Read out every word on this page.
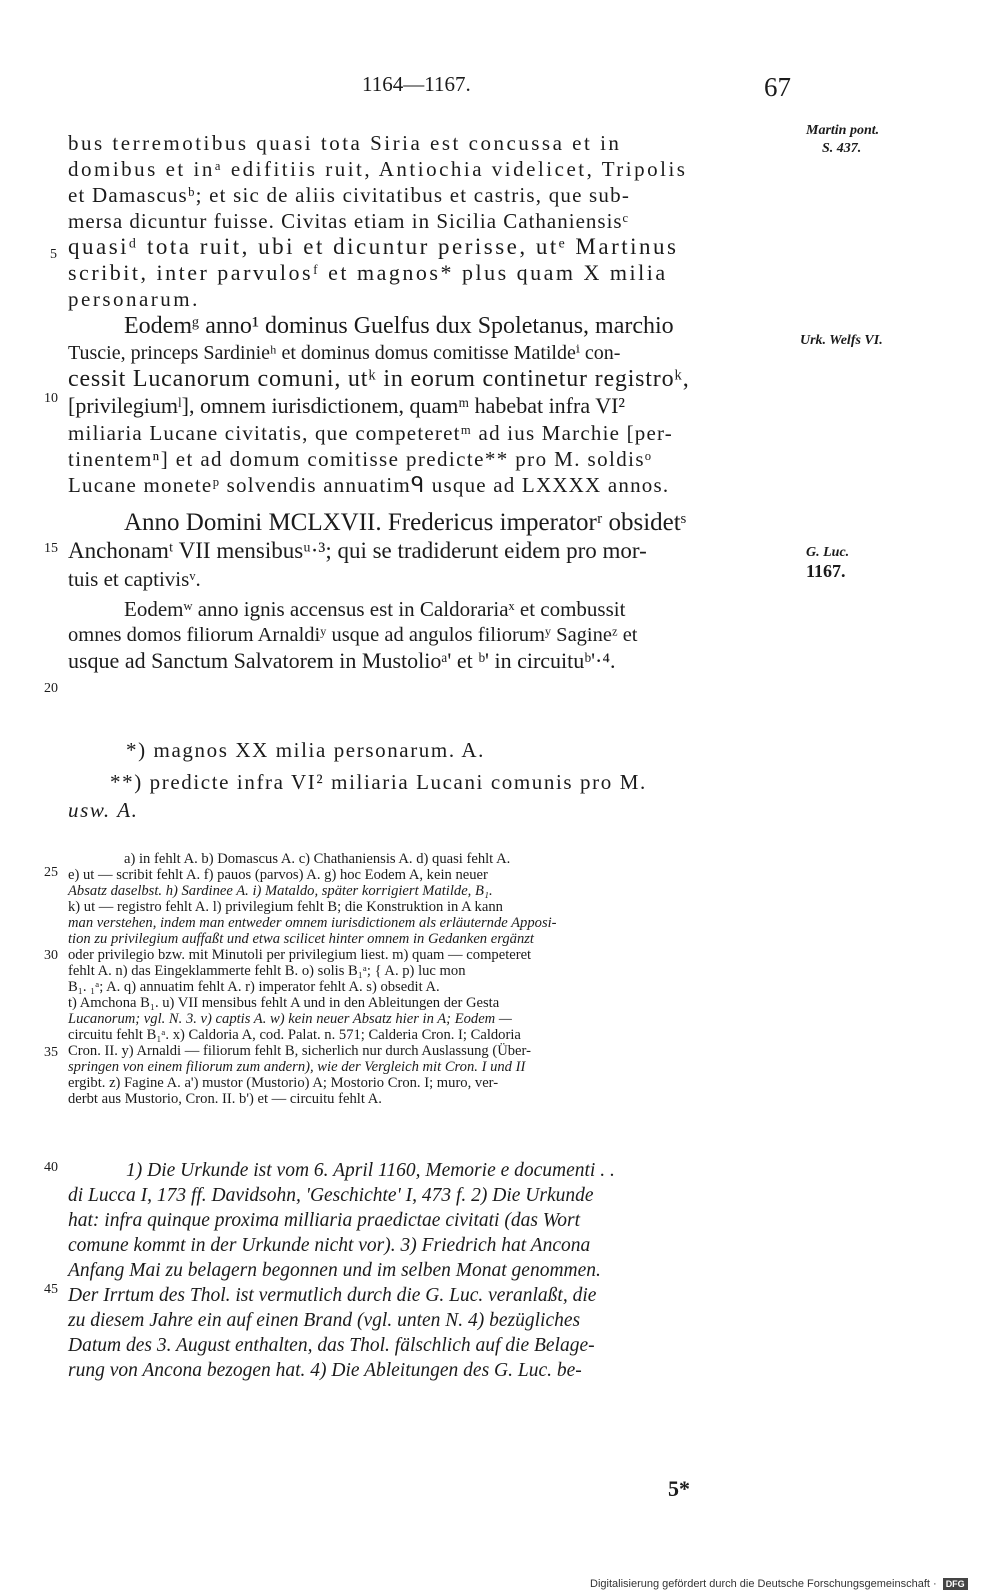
1164—1167.	67
Martin pont.
S. 437.
Urk. Welfs VI.
G. Luc.
1167.
5
10
15
20
25
30
35
40
45
bus terremotibus quasi tota Siria est concussa et in
domibus et inᵃ edifitiis ruit, Antiochia videlicet, Tripolis
et Damascusᵇ; et sic de aliis civitatibus et castris, que sub-
mersa dicuntur fuisse. Civitas etiam in Sicilia Cathaniensisᶜ
quasiᵈ tota ruit, ubi et dicuntur perisse, utᵉ Martinus
scribit, inter parvulosᶠ et magnos* plus quam X milia
personarum.
Eodemᵍ anno¹ dominus Guelfus dux Spoletanus, marchio
Tuscie, princeps Sardinieʰ et dominus domus comitisse Matildeⁱ con-
cessit Lucanorum comuni, utᵏ in eorum continetur registroᵏ,
[privilegiumˡ], omnem iurisdictionem, quamᵐ habebat infra VI²
miliaria Lucane civitatis, que competeretᵐ ad ius Marchie [per-
tinentemⁿ] et ad domum comitisse predicte** pro M. soldisᵒ
Lucane moneteᵖ solvendis annuatimᑫ usque ad LXXXX annos.
Anno Domini MCLXVII. Fredericus imperatorʳ obsidetˢ
Anchonamᵗ VII mensibusᵘ·³; qui se tradiderunt eidem pro mor-
tuis et captivisᵛ.
Eodemʷ anno ignis accensus est in Caldorariaˣ et combussit
omnes domos filiorum Arnaldiʸ usque ad angulos filiorumʸ Sagineᶻ et
usque ad Sanctum Salvatorem in Mustolioᵃ' et ᵇ' in circuituᵇ'·⁴.
*) magnos XX milia personarum. A.
**) predicte infra VI² miliaria Lucani comunis pro M.
usw. A.
a) in fehlt A. b) Domascus A. c) Chathaniensis A. d) quasi fehlt A.
e) ut — scribit fehlt A. f) pauos (parvos) A. g) hoc Eodem A, kein neuer
Absatz daselbst. h) Sardinee A. i) Mataldo, später korrigiert Matilde, B₁.
k) ut — registro fehlt A. l) privilegium fehlt B; die Konstruktion in A kann
man verstehen, indem man entweder omnem iurisdictionem als erläuternde Apposi-
tion zu privilegium auffaßt und etwa scilicet hinter omnem in Gedanken ergänzt
oder privilegio bzw. mit Minutoli per privilegium liest. m) quam — competeret
fehlt A. n) das Eingeklammerte fehlt B. o) solis B₁ᵃ; { A. p) luc mon
B₁. ₁ᵃ; A. q) annuatim fehlt A. r) imperator fehlt A. s) obsedit A.
t) Amchona B₁. u) VII mensibus fehlt A und in den Ableitungen der Gesta
Lucanorum; vgl. N. 3. v) captis A. w) kein neuer Absatz hier in A; Eodem —
circuitu fehlt B₁ᵃ. x) Caldoria A, cod. Palat. n. 571; Calderia Cron. I; Caldoria
Cron. II. y) Arnaldi — filiorum fehlt B, sicherlich nur durch Auslassung (Über-
springen von einem filiorum zum andern), wie der Vergleich mit Cron. I und II
ergibt. z) Fagine A. a') mustor (Mustorio) A; Mostorio Cron. I; muro, ver-
derbt aus Mustorio, Cron. II. b') et — circuitu fehlt A.
1) Die Urkunde ist vom 6. April 1160, Memorie e documenti . .
di Lucca I, 173 ff. Davidsohn, 'Geschichte' I, 473 f. 2) Die Urkunde
hat: infra quinque proxima milliaria praedictae civitati (das Wort
comune kommt in der Urkunde nicht vor). 3) Friedrich hat Ancona
Anfang Mai zu belagern begonnen und im selben Monat genommen.
Der Irrtum des Thol. ist vermutlich durch die G. Luc. veranlaßt, die
zu diesem Jahre ein auf einen Brand (vgl. unten N. 4) bezügliches
Datum des 3. August enthalten, das Thol. fälschlich auf die Belage-
rung von Ancona bezogen hat. 4) Die Ableitungen des G. Luc. be-
5*
Digitalisierung gefördert durch die Deutsche Forschungsgemeinschaft · DFG
